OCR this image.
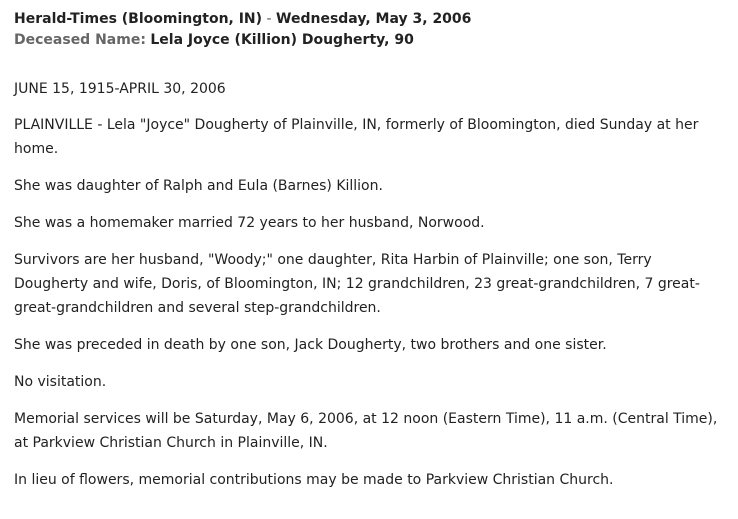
Herald-Times (Bloomington, IN) - Wednesday, May 3, 2006

Deceased Name: Lela Joyce (Killion) Dougherty, 90

JUNE 15, 1915-APRIL 30, 2006

PLAINVILLE - Lela "Joyce" Dougherty of Plainville, IN, formerly of Bloomington, died Sunday at her home.

She was daughter of Ralph and Eula (Barnes) Killion.

She was a homemaker married 72 years to her husband, Norwood.

Survivors are her husband, "Woody;" one daughter, Rita Harbin of Plainville; one son, Terry Dougherty and wife, Doris, of Bloomington, IN; 12 grandchildren, 23 great-grandchildren, 7 great-great-grandchildren and several step-grandchildren.

She was preceded in death by one son, Jack Dougherty, two brothers and one sister.

No visitation.

Memorial services will be Saturday, May 6, 2006, at 12 noon (Eastern Time), 11 a.m. (Central Time), at Parkview Christian Church in Plainville, IN.

In lieu of flowers, memorial contributions may be made to Parkview Christian Church.
